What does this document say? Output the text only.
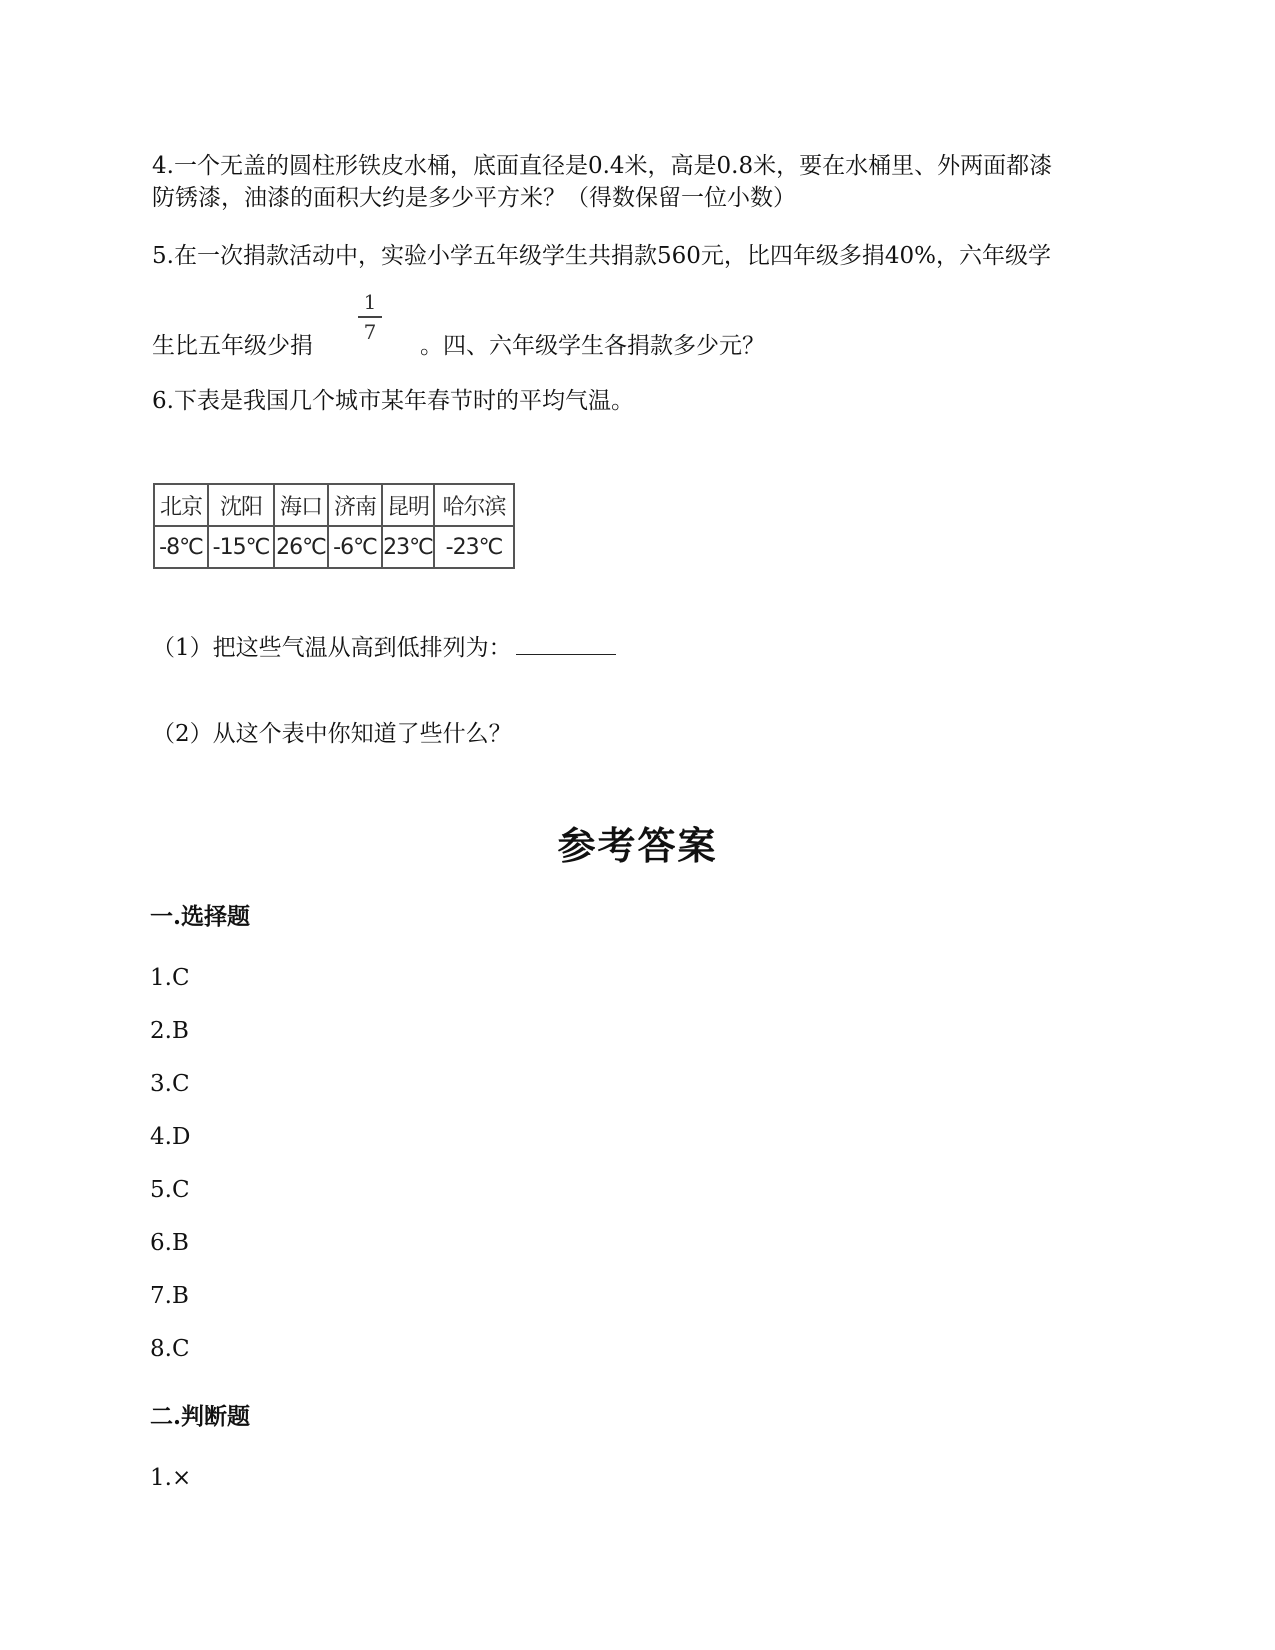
4.一个无盖的圆柱形铁皮水桶，底面直径是0.4米，高是0.8米，要在水桶里、外两面都漆
防锈漆，油漆的面积大约是多少平方米？（得数保留一位小数）
5.在一次捐款活动中，实验小学五年级学生共捐款560元，比四年级多捐40%，六年级学
生比五年级少捐
1
7
。四、六年级学生各捐款多少元？
6.下表是我国几个城市某年春节时的平均气温。
北京	沈阳	海口	济南	昆明	哈尔滨
-8℃	-15℃	26℃	-6℃	23℃	-23℃
（1）把这些气温从高到低排列为：
（2）从这个表中你知道了些什么？
参考答案
一.选择题
1.C
2.B
3.C
4.D
5.C
6.B
7.B
8.C
二.判断题
1.×
